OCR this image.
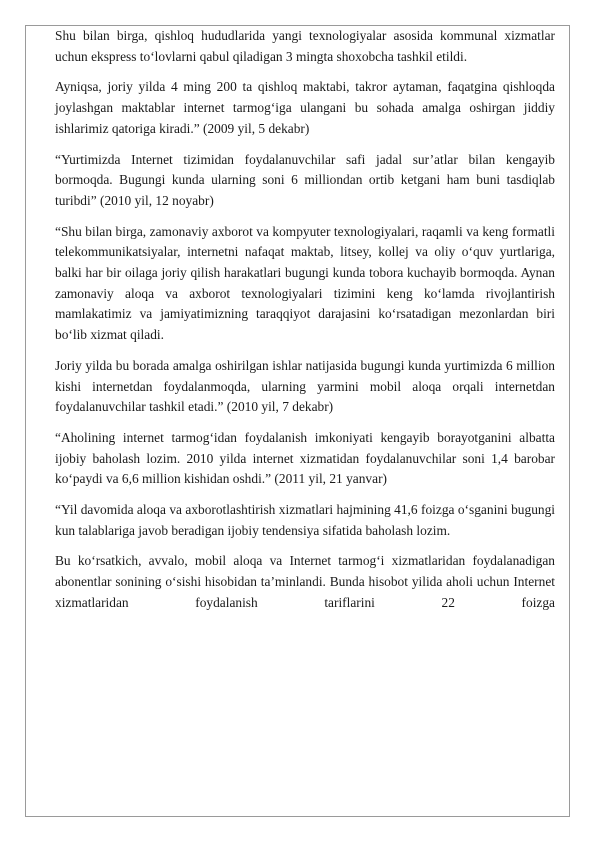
Shu bilan birga, qishloq hududlarida yangi texnologiyalar asosida kommunal xizmatlar uchun ekspress to‘lovlarni qabul qiladigan 3 mingta shoxobcha tashkil etildi.

Ayniqsa, joriy yilda 4 ming 200 ta qishloq maktabi, takror aytaman, faqatgina qishloqda joylashgan maktablar internet tarmog‘iga ulangani bu sohada amalga oshirgan jiddiy ishlarimiz qatoriga kiradi.” (2009 yil, 5 dekabr)

“Yurtimizda Internet tizimidan foydalanuvchilar safi jadal sur’atlar bilan kengayib bormoqda. Bugungi kunda ularning soni 6 milliondan ortib ketgani ham buni tasdiqlab turibdi” (2010 yil, 12 noyabr)

“Shu bilan birga, zamonaviy axborot va kompyuter texnologiyalari, raqamli va keng formatli telekommunikatsiyalar, internetni nafaqat maktab, litsey, kollej va oliy o‘quv yurtlariga, balki har bir oilaga joriy qilish harakatlari bugungi kunda tobora kuchayib bormoqda. Aynan zamonaviy aloqa va axborot texnologiyalari tizimini keng ko‘lamda rivojlantirish mamlakatimiz va jamiyatimizning taraqqiyot darajasini ko‘rsatadigan mezonlardan biri bo‘lib xizmat qiladi.

Joriy yilda bu borada amalga oshirilgan ishlar natijasida bugungi kunda yurtimizda 6 million kishi internetdan foydalanmoqda, ularning yarmini mobil aloqa orqali internetdan foydalanuvchilar tashkil etadi.” (2010 yil, 7 dekabr)

“Aholining internet tarmog‘idan foydalanish imkoniyati kengayib borayotganini albatta ijobiy baholash lozim. 2010 yilda internet xizmatidan foydalanuvchilar soni 1,4 barobar ko‘paydi va 6,6 million kishidan oshdi.” (2011 yil, 21 yanvar)

“Yil davomida aloqa va axborotlashtirish xizmatlari hajmining 41,6 foizga o‘sganini bugungi kun talablariga javob beradigan ijobiy tendensiya sifatida baholash lozim.

Bu ko‘rsatkich, avvalo, mobil aloqa va Internet tarmog‘i xizmatlaridan foydalanadigan abonentlar sonining o‘sishi hisobidan ta’minlandi. Bunda hisobot yilida aholi uchun Internet xizmatlaridan foydalanish tariflarini 22 foizga
